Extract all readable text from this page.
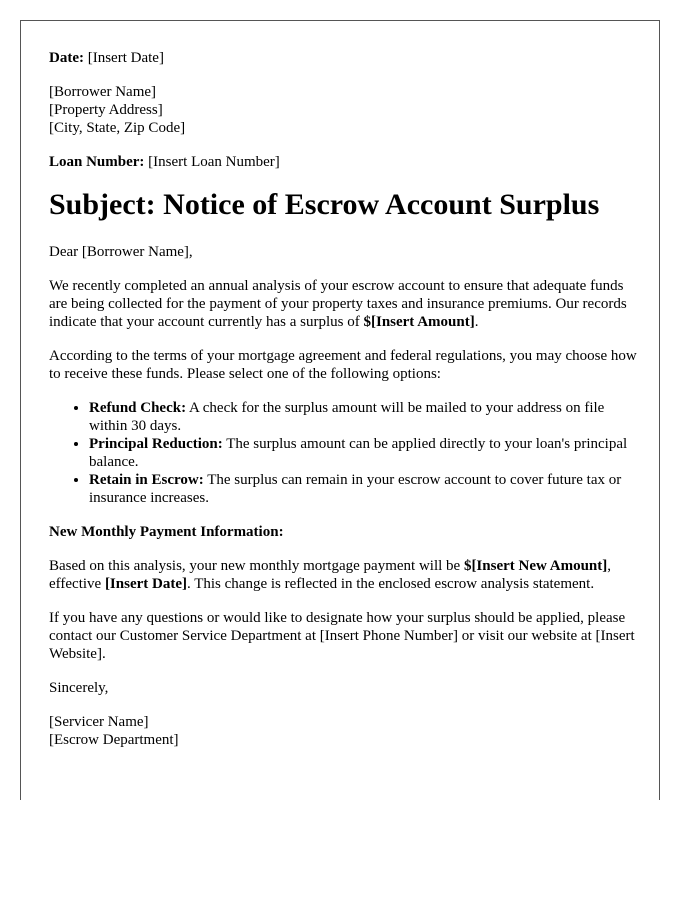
Date: [Insert Date]
[Borrower Name]
[Property Address]
[City, State, Zip Code]
Loan Number: [Insert Loan Number]
Subject: Notice of Escrow Account Surplus

Dear [Borrower Name],

We recently completed an annual analysis of your escrow account to ensure that adequate funds are being collected for the payment of your property taxes and insurance premiums. Our records indicate that your account currently has a surplus of $[Insert Amount].

According to the terms of your mortgage agreement and federal regulations, you may choose how to receive these funds. Please select one of the following options:

• Refund Check: A check for the surplus amount will be mailed to your address on file within 30 days.
• Principal Reduction: The surplus amount can be applied directly to your loan's principal balance.
• Retain in Escrow: The surplus can remain in your escrow account to cover future tax or insurance increases.
New Monthly Payment Information:

Based on this analysis, your new monthly mortgage payment will be $[Insert New Amount], effective [Insert Date]. This change is reflected in the enclosed escrow analysis statement.

If you have any questions or would like to designate how your surplus should be applied, please contact our Customer Service Department at [Insert Phone Number] or visit our website at [Insert Website].

Sincerely,

[Servicer Name]
[Escrow Department]
